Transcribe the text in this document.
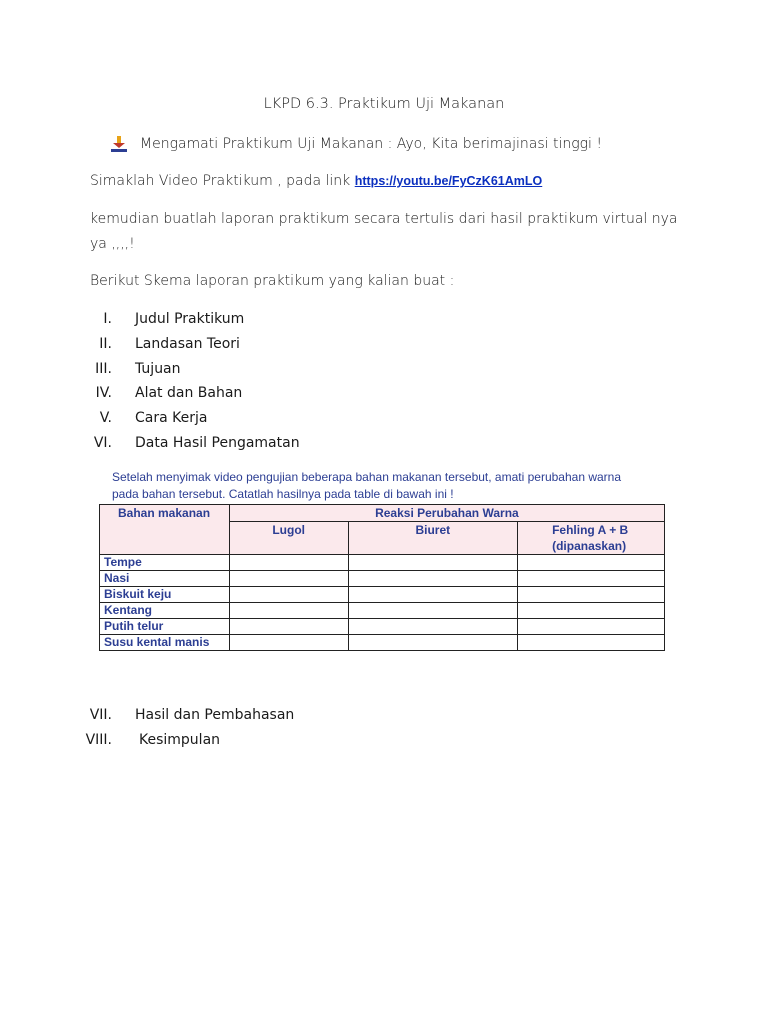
LKPD 6.3. Praktikum Uji Makanan
Mengamati Praktikum Uji Makanan : Ayo, Kita berimajinasi tinggi !
Simaklah Video Praktikum , pada link https://youtu.be/FyCzK61AmLO
kemudian buatlah laporan praktikum secara tertulis dari hasil praktikum virtual nya
ya ,,,,!
Berikut Skema laporan praktikum yang kalian buat :
I. Judul Praktikum
II. Landasan Teori
III. Tujuan
IV. Alat dan Bahan
V. Cara Kerja
VI. Data Hasil Pengamatan
Setelah menyimak video pengujian beberapa bahan makanan tersebut, amati perubahan warna
pada bahan tersebut. Catatlah hasilnya pada table di bawah ini !
Bahan makanan	Reaksi Perubahan Warna		
	Lugol	Biuret	Fehling A + B
(dipanaskan)
Tempe			
Nasi			
Biskuit keju			
Kentang			
Putih telur			
Susu kental manis			
VII. Hasil dan Pembahasan
VIII. Kesimpulan
